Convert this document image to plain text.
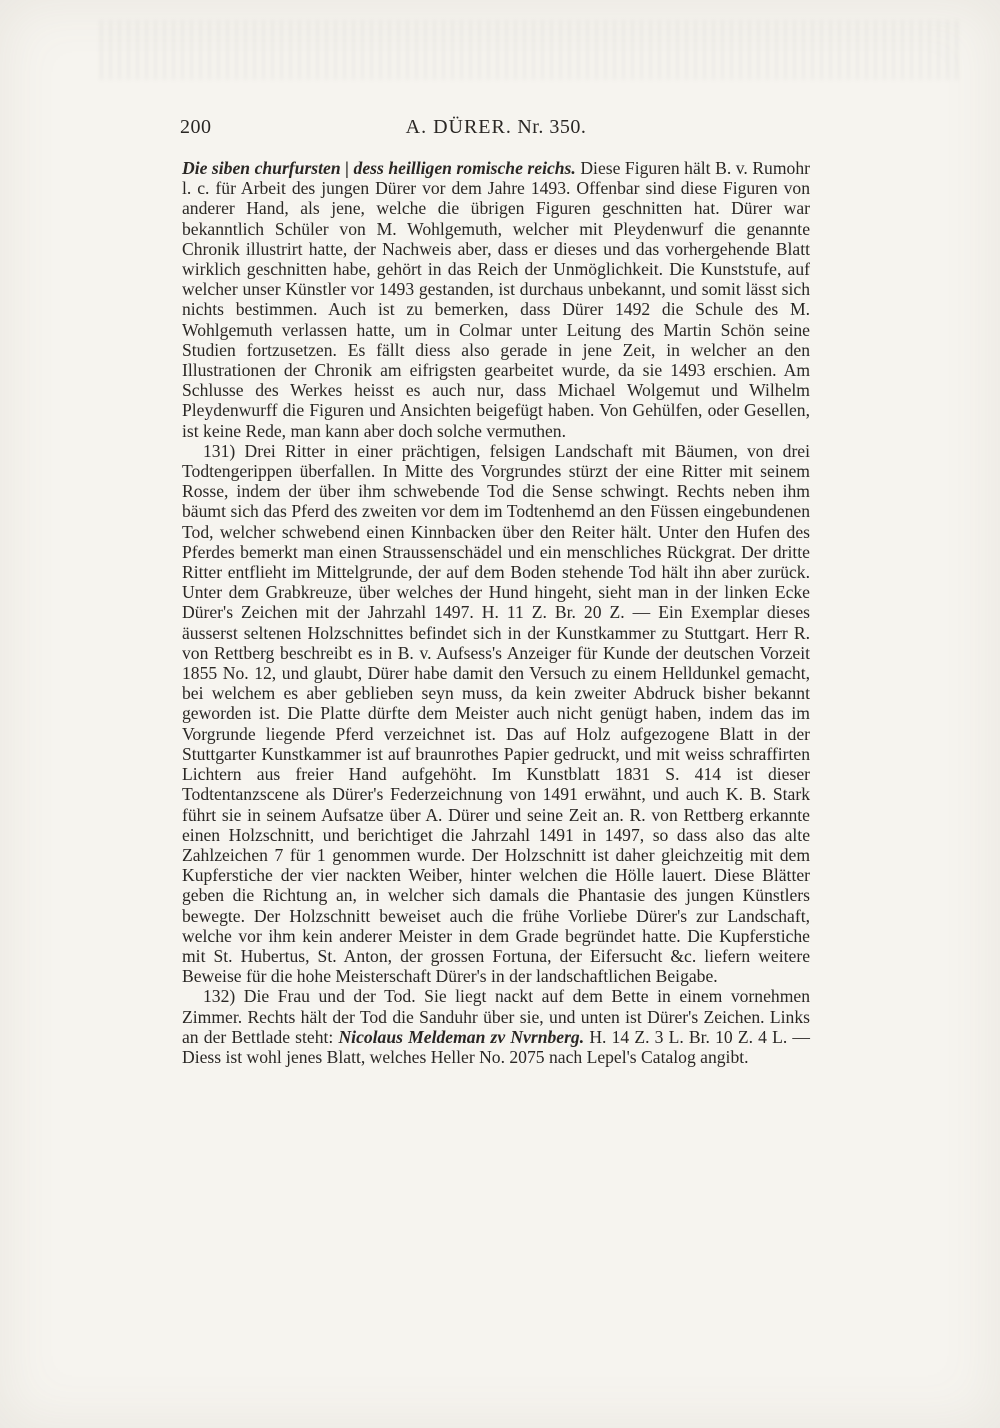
200	A. DÜRER. Nr. 350.

Die siben churfursten | dess heilligen romische reichs. Diese Figuren hält B. v. Rumohr l. c. für Arbeit des jungen Dürer vor dem Jahre 1493. Offenbar sind diese Figuren von anderer Hand, als jene, welche die übrigen Figuren geschnitten hat. Dürer war bekanntlich Schüler von M. Wohlgemuth, welcher mit Pleydenwurf die genannte Chronik illustrirt hatte, der Nachweis aber, dass er dieses und das vorhergehende Blatt wirklich geschnitten habe, gehört in das Reich der Unmöglichkeit. Die Kunststufe, auf welcher unser Künstler vor 1493 gestanden, ist durchaus unbekannt, und somit lässt sich nichts bestimmen. Auch ist zu bemerken, dass Dürer 1492 die Schule des M. Wohlgemuth verlassen hatte, um in Colmar unter Leitung des Martin Schön seine Studien fortzusetzen. Es fällt diess also gerade in jene Zeit, in welcher an den Illustrationen der Chronik am eifrigsten gearbeitet wurde, da sie 1493 erschien. Am Schlusse des Werkes heisst es auch nur, dass Michael Wolgemut und Wilhelm Pleydenwurff die Figuren und Ansichten beigefügt haben. Von Gehülfen, oder Gesellen, ist keine Rede, man kann aber doch solche vermuthen.

131) Drei Ritter in einer prächtigen, felsigen Landschaft mit Bäumen, von drei Todtengerippen überfallen. In Mitte des Vorgrundes stürzt der eine Ritter mit seinem Rosse, indem der über ihm schwebende Tod die Sense schwingt. Rechts neben ihm bäumt sich das Pferd des zweiten vor dem im Todtenhemd an den Füssen eingebundenen Tod, welcher schwebend einen Kinnbacken über den Reiter hält. Unter den Hufen des Pferdes bemerkt man einen Straussenschädel und ein menschliches Rückgrat. Der dritte Ritter entflieht im Mittelgrunde, der auf dem Boden stehende Tod hält ihn aber zurück. Unter dem Grabkreuze, über welches der Hund hingeht, sieht man in der linken Ecke Dürer's Zeichen mit der Jahrzahl 1497. H. 11 Z. Br. 20 Z. — Ein Exemplar dieses äusserst seltenen Holzschnittes befindet sich in der Kunstkammer zu Stuttgart. Herr R. von Rettberg beschreibt es in B. v. Aufsess's Anzeiger für Kunde der deutschen Vorzeit 1855 No. 12, und glaubt, Dürer habe damit den Versuch zu einem Helldunkel gemacht, bei welchem es aber geblieben seyn muss, da kein zweiter Abdruck bisher bekannt geworden ist. Die Platte dürfte dem Meister auch nicht genügt haben, indem das im Vorgrunde liegende Pferd verzeichnet ist. Das auf Holz aufgezogene Blatt in der Stuttgarter Kunstkammer ist auf braunrothes Papier gedruckt, und mit weiss schraffirten Lichtern aus freier Hand aufgehöht. Im Kunstblatt 1831 S. 414 ist dieser Todtentanzscene als Dürer's Federzeichnung von 1491 erwähnt, und auch K. B. Stark führt sie in seinem Aufsatze über A. Dürer und seine Zeit an. R. von Rettberg erkannte einen Holzschnitt, und berichtiget die Jahrzahl 1491 in 1497, so dass also das alte Zahlzeichen 7 für 1 genommen wurde. Der Holzschnitt ist daher gleichzeitig mit dem Kupferstiche der vier nackten Weiber, hinter welchen die Hölle lauert. Diese Blätter geben die Richtung an, in welcher sich damals die Phantasie des jungen Künstlers bewegte. Der Holzschnitt beweiset auch die frühe Vorliebe Dürer's zur Landschaft, welche vor ihm kein anderer Meister in dem Grade begründet hatte. Die Kupferstiche mit St. Hubertus, St. Anton, der grossen Fortuna, der Eifersucht &c. liefern weitere Beweise für die hohe Meisterschaft Dürer's in der landschaftlichen Beigabe.

132) Die Frau und der Tod. Sie liegt nackt auf dem Bette in einem vornehmen Zimmer. Rechts hält der Tod die Sanduhr über sie, und unten ist Dürer's Zeichen. Links an der Bettlade steht: Nicolaus Meldeman zv Nvrnberg. H. 14 Z. 3 L. Br. 10 Z. 4 L. — Diess ist wohl jenes Blatt, welches Heller No. 2075 nach Lepel's Catalog angibt.
